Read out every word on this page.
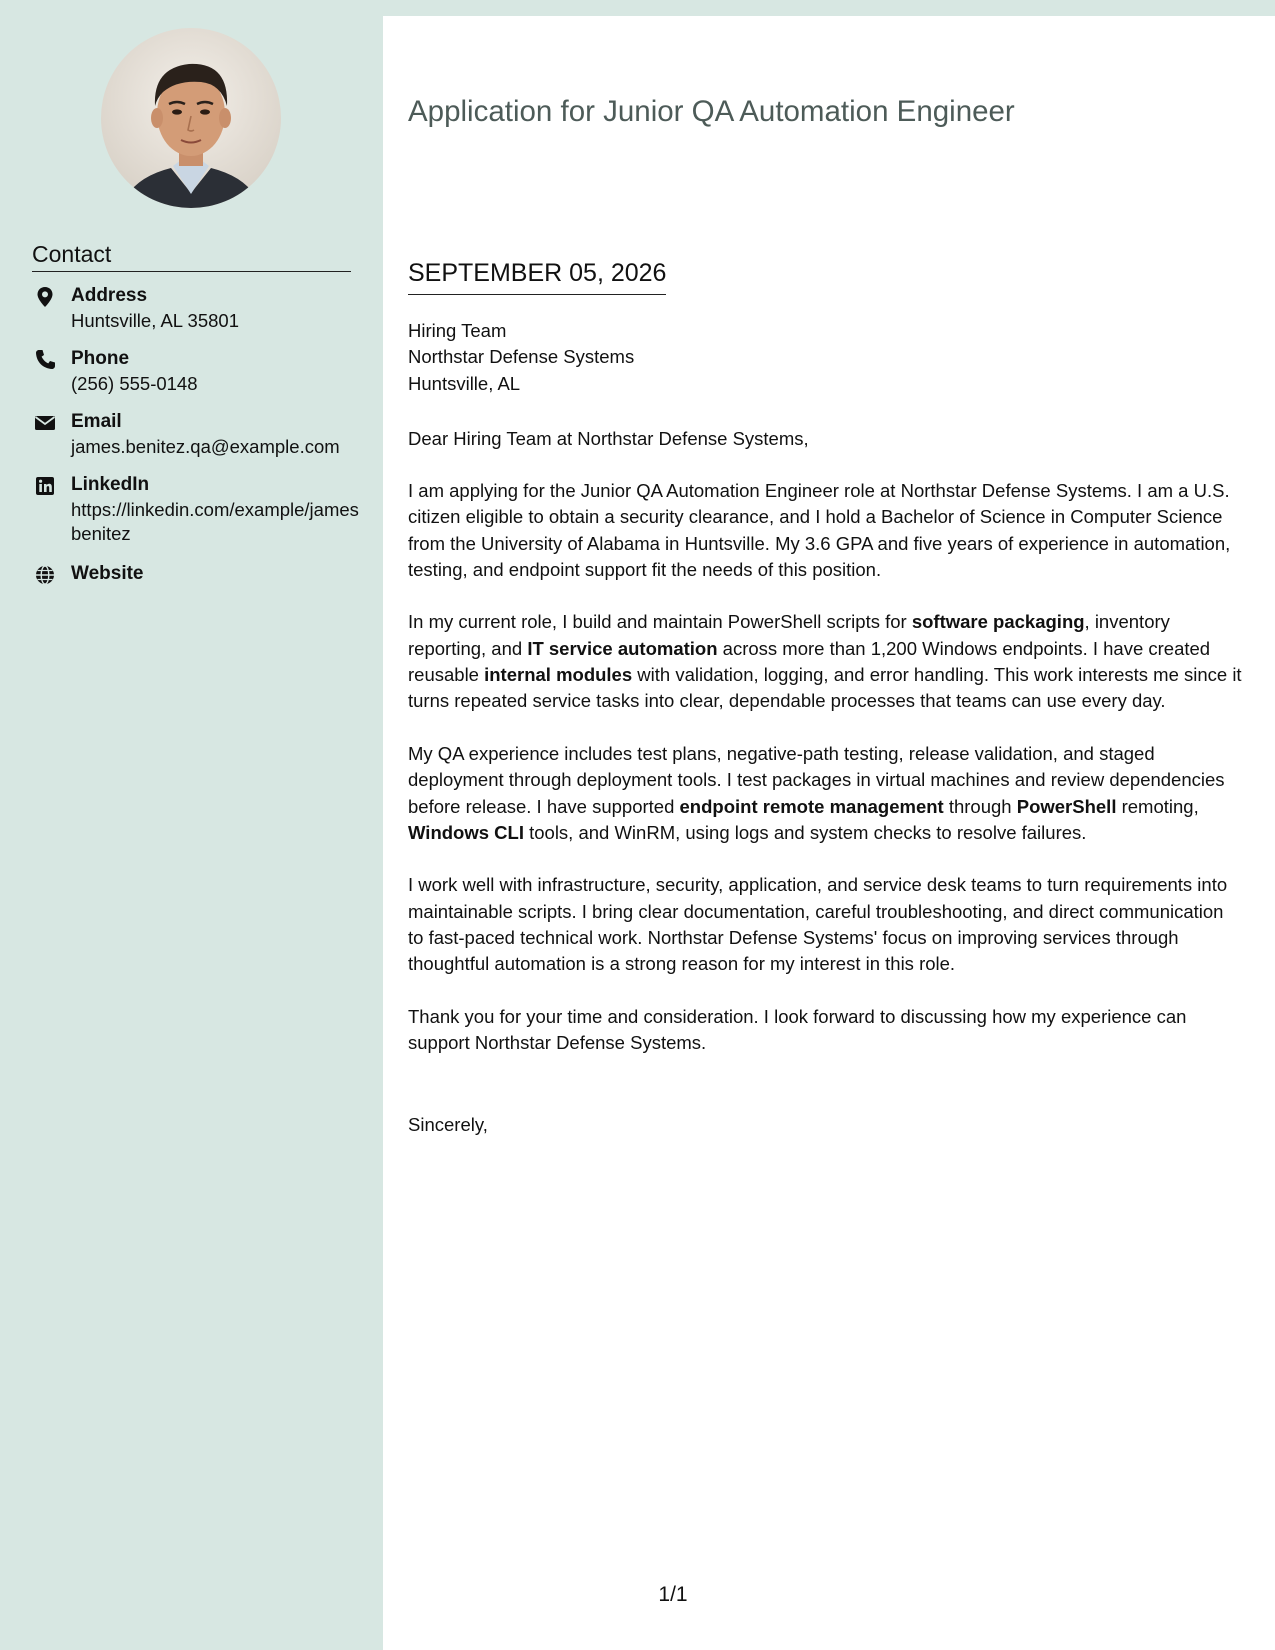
Contact
Address
Huntsville, AL 35801
Phone
(256) 555-0148
Email
james.benitez.qa@example.com
LinkedIn
https://linkedin.com/example/jamesbenitez
Website
Application for Junior QA Automation Engineer
SEPTEMBER 05, 2026
Hiring Team
Northstar Defense Systems
Huntsville, AL
Dear Hiring Team at Northstar Defense Systems,

I am applying for the Junior QA Automation Engineer role at Northstar Defense Systems. I am a U.S. citizen eligible to obtain a security clearance, and I hold a Bachelor of Science in Computer Science from the University of Alabama in Huntsville. My 3.6 GPA and five years of experience in automation, testing, and endpoint support fit the needs of this position.

In my current role, I build and maintain PowerShell scripts for software packaging, inventory reporting, and IT service automation across more than 1,200 Windows endpoints. I have created reusable internal modules with validation, logging, and error handling. This work interests me since it turns repeated service tasks into clear, dependable processes that teams can use every day.

My QA experience includes test plans, negative-path testing, release validation, and staged deployment through deployment tools. I test packages in virtual machines and review dependencies before release. I have supported endpoint remote management through PowerShell remoting, Windows CLI tools, and WinRM, using logs and system checks to resolve failures.

I work well with infrastructure, security, application, and service desk teams to turn requirements into maintainable scripts. I bring clear documentation, careful troubleshooting, and direct communication to fast-paced technical work. Northstar Defense Systems' focus on improving services through thoughtful automation is a strong reason for my interest in this role.

Thank you for your time and consideration. I look forward to discussing how my experience can support Northstar Defense Systems.

Sincerely,
1/1
